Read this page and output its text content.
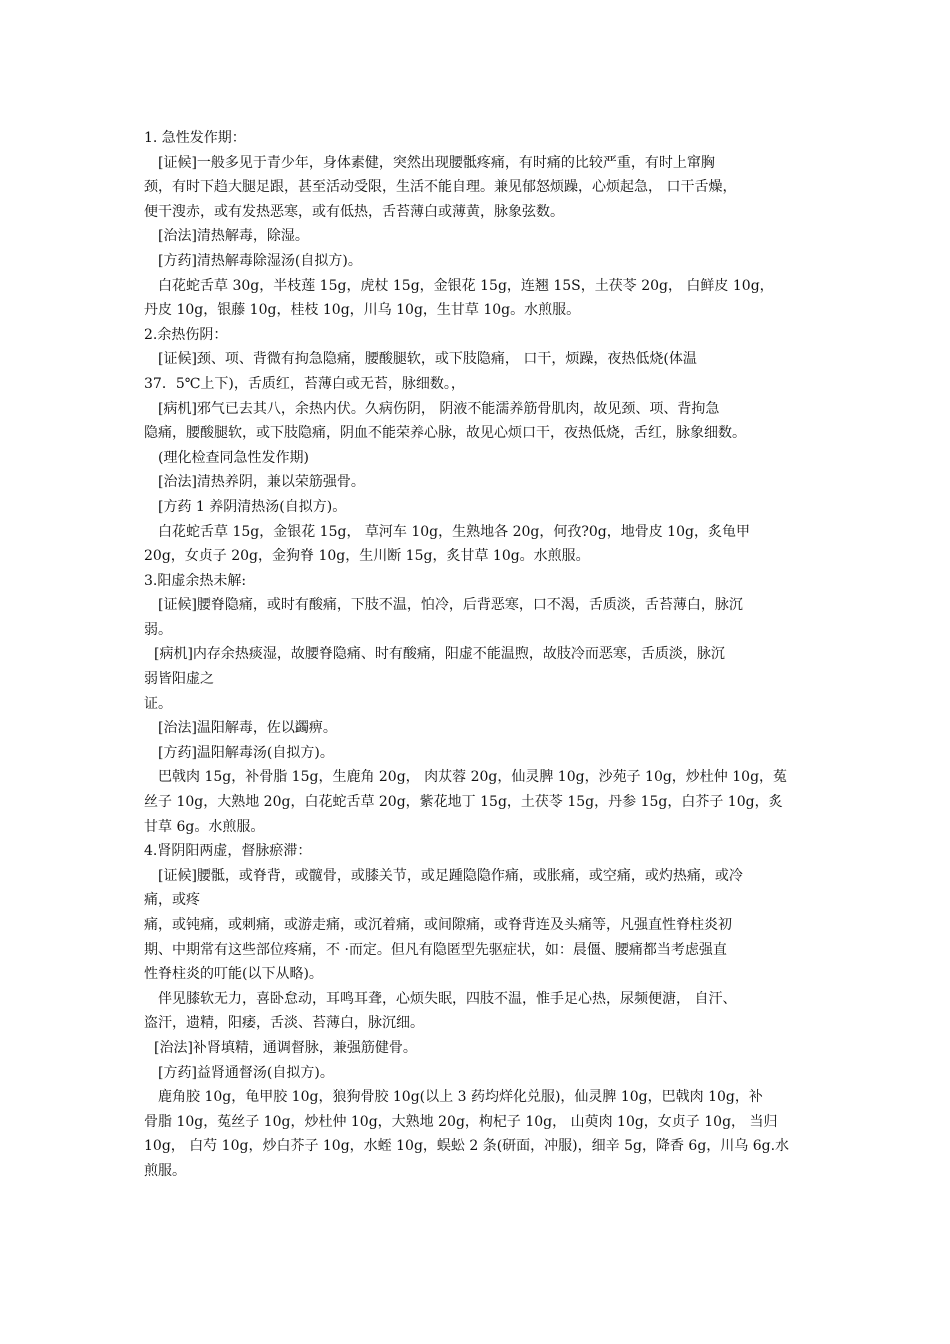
1. 急性发作期：
[证候]一般多见于青少年，身体素健，突然出现腰骶疼痛，有时痛的比较严重，有时上窜胸
颈，有时下趋大腿足跟，甚至活动受限，生活不能自理。兼见郁怒烦躁，心烦起急， 口干舌燥，
便干溲赤，或有发热恶寒，或有低热，舌苔薄白或薄黄，脉象弦数。
[治法]清热解毒，除湿。
[方药]清热解毒除湿汤(自拟方)。
白花蛇舌草 30g，半枝莲 15g，虎杖 15g，金银花 15g，连翘 15S，土茯苓 20g， 白鲜皮 10g，
丹皮 10g，银藤 10g，桂枝 10g，川乌 10g，生甘草 10g。水煎服。
2.余热伤阴：
[证候]颈、项、背微有拘急隐痛，腰酸腿软，或下肢隐痛， 口干，烦躁，夜热低烧(体温
37．5℃上下)，舌质红，苔薄白或无苔，脉细数。，
[病机]邪气已去其八，余热内伏。久病伤阴， 阴液不能濡养筋骨肌肉，故见颈、项、背拘急
隐痛，腰酸腿软，或下肢隐痛，阴血不能荣养心脉，故见心烦口干，夜热低烧，舌红，脉象细数。
(理化检查同急性发作期)
[治法]清热养阴，兼以荣筋强骨。
[方药 1 养阴清热汤(自拟方)。
白花蛇舌草 15g，金银花 15g， 草河车 10g，生熟地各 20g，何孜?0g，地骨皮 10g，炙龟甲
20g，女贞子 20g，金狗脊 10g，生川断 15g，炙甘草 10g。水煎服。
3.阳虚余热未解:
[证候]腰脊隐痛，或时有酸痛，下肢不温，怕冷，后背恶寒，口不渴，舌质淡，舌苔薄白，脉沉
弱。
[病机]内存余热痰湿，故腰脊隐痛、时有酸痛，阳虚不能温煦，故肢冷而恶寒，舌质淡，脉沉
弱皆阳虚之
证。
[治法]温阳解毒，佐以蠲痹。
[方药]温阳解毒汤(自拟方)。
巴戟肉 15g，补骨脂 15g，生鹿角 20g， 肉苁蓉 20g，仙灵脾 10g，沙苑子 10g，炒杜仲 10g，菟
丝子 10g，大熟地 20g，白花蛇舌草 20g，紫花地丁 15g，土茯苓 15g，丹参 15g，白芥子 10g，炙
甘草 6g。水煎服。
4.肾阴阳两虚，督脉瘀滞：
[证候]腰骶，或脊背，或髋骨，或膝关节，或足踵隐隐作痛，或胀痛，或空痛，或灼热痛，或冷
痛，或疼
痛，或钝痛，或刺痛，或游走痛，或沉着痛，或间隙痛，或脊背连及头痛等，凡强直性脊柱炎初
期、中期常有这些部位疼痛，不 ·而定。但凡有隐匿型先驱症状，如：晨僵、腰痛都当考虑强直
性脊柱炎的叮能(以下从略)。
伴见膝软无力，喜卧怠动，耳鸣耳聋，心烦失眠，四肢不温，惟手足心热，尿频便溏， 自汗、
盗汗，遗精，阳痿，舌淡、苔薄白，脉沉细。
[治法]补肾填精，通调督脉，兼强筋健骨。
[方药]益肾通督汤(自拟方)。
鹿角胶 10g，龟甲胶 10g，狼狗骨胶 10g(以上 3 药均烊化兑服)，仙灵脾 10g，巴戟肉 10g，补
骨脂 10g，菟丝子 10g，炒杜仲 10g，大熟地 20g，枸杞子 10g， 山萸肉 10g，女贞子 10g， 当归
10g， 白芍 10g，炒白芥子 10g，水蛭 10g，蜈蚣 2 条(研面，冲服)，细辛 5g，降香 6g，川乌 6g.水
煎服。
